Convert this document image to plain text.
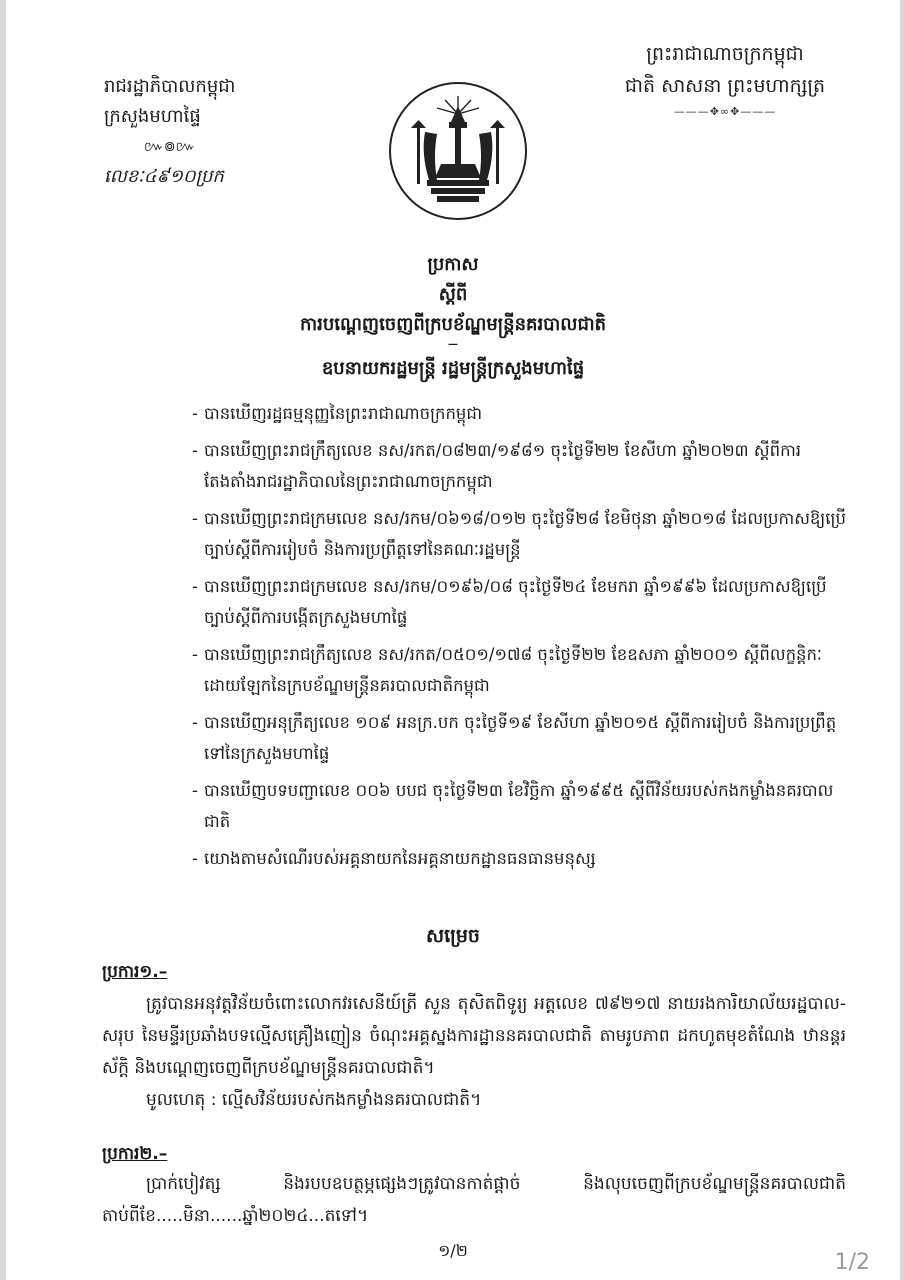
ព្រះរាជាណាចក្រកម្ពុជា
ជាតិ សាសនា ព្រះមហាក្សត្រ
———✥∞✥———
រាជរដ្ឋាភិបាលកម្ពុជា
ក្រសួងមហាផ្ទៃ
៚៙៚
លេខៈ៤៩១០ប្រក
ប្រកាស
ស្ដីពី
ការបណ្ដេញចេញពីក្របខ័ណ្ឌមន្ត្រីនគរបាលជាតិ
—
ឧបនាយករដ្ឋមន្ត្រី រដ្ឋមន្ត្រីក្រសួងមហាផ្ទៃ
- បានឃើញរដ្ឋធម្មនុញ្ញនៃព្រះរាជាណាចក្រកម្ពុជា
- បានឃើញព្រះរាជក្រឹត្យលេខ នស/រកត/០៨២៣/១៩៨១ ចុះថ្ងៃទី២២ ខែសីហា ឆ្នាំ២០២៣ ស្តីពីការតែងតាំងរាជរដ្ឋាភិបាលនៃព្រះរាជាណាចក្រកម្ពុជា
- បានឃើញព្រះរាជក្រមលេខ នស/រកម/០៦១៨/០១២ ចុះថ្ងៃទី២៨ ខែមិថុនា ឆ្នាំ២០១៨ ដែលប្រកាសឱ្យប្រើច្បាប់ស្តីពីការរៀបចំ និងការប្រព្រឹត្តទៅនៃគណៈរដ្ឋមន្ត្រី
- បានឃើញព្រះរាជក្រមលេខ នស/រកម/០១៩៦/០៨ ចុះថ្ងៃទី២៤ ខែមករា ឆ្នាំ១៩៩៦ ដែលប្រកាសឱ្យប្រើច្បាប់ស្តីពីការបង្កើតក្រសួងមហាផ្ទៃ
- បានឃើញព្រះរាជក្រឹត្យលេខ នស/រកត/០៥០១/១៧៨ ចុះថ្ងៃទី២២ ខែឧសភា ឆ្នាំ២០០១ ស្តីពីលក្ខន្តិកៈដោយឡែកនៃក្របខ័ណ្ឌមន្ត្រីនគរបាលជាតិកម្ពុជា
- បានឃើញអនុក្រឹត្យលេខ ១០៩ អនក្រ.បក ចុះថ្ងៃទី១៩ ខែសីហា ឆ្នាំ២០១៥ ស្តីពីការរៀបចំ និងការប្រព្រឹត្តទៅនៃក្រសួងមហាផ្ទៃ
- បានឃើញបទបញ្ជាលេខ ០០៦ បបជ ចុះថ្ងៃទី២៣ ខែវិច្ឆិកា ឆ្នាំ១៩៩៥ ស្តីពីវិន័យរបស់កងកម្លាំងនគរបាលជាតិ
- យោងតាមសំណើរបស់អគ្គនាយកនៃអគ្គនាយកដ្ឋានធនធានមនុស្ស
សម្រេច
ប្រការ១.–

ត្រូវបានអនុវត្តវិន័យចំពោះលោកវរសេនីយ៍ត្រី សួន តុសិតពិទូរ្យ អត្តលេខ ៧៩២១៧ នាយរងការិយាល័យរដ្ឋបាល-សរុប នៃមន្ទីរប្រឆាំងបទល្មើសគ្រឿងញៀន ចំណុះអគ្គស្នងការដ្ឋាននគរបាលជាតិ តាមរូបភាព ដកហូតមុខតំណែង ឋានន្តរស័ក្តិ និងបណ្តេញចេញពីក្របខ័ណ្ឌមន្ត្រីនគរបាលជាតិ។

មូលហេតុ : ល្មើសវិន័យរបស់កងកម្លាំងនគរបាលជាតិ។

ប្រការ២.–

ប្រាក់បៀវត្ស និងរបបឧបត្ថម្ភផ្សេងៗត្រូវបានកាត់ផ្តាច់ និងលុបចេញពីក្របខ័ណ្ឌមន្ត្រីនគរបាលជាតិ តាប់ពីខែ.....មិនា......ឆ្នាំ២០២៤...តទៅ។

១/២	1/2
